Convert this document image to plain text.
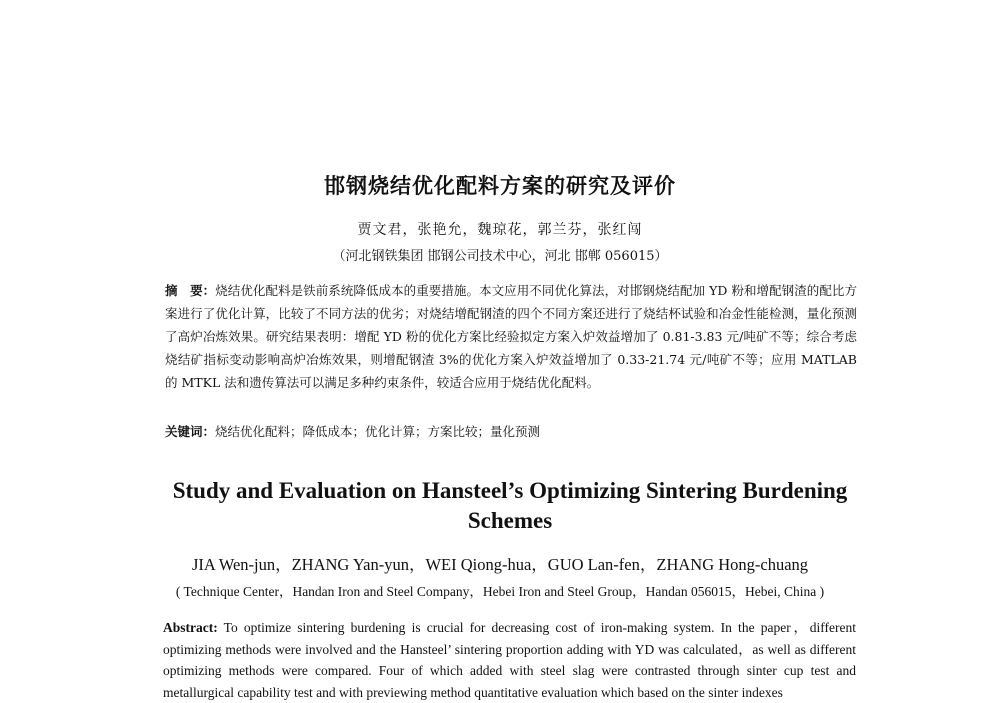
邯钢烧结优化配料方案的研究及评价
贾文君，张艳允，魏琼花，郭兰芬，张红闯
（河北钢铁集团 邯钢公司技术中心，河北 邯郸 056015）
摘　要：烧结优化配料是铁前系统降低成本的重要措施。本文应用不同优化算法，对邯钢烧结配加 YD 粉和增配钢渣的配比方案进行了优化计算，比较了不同方法的优劣；对烧结增配钢渣的四个不同方案还进行了烧结杯试验和冶金性能检测，量化预测了高炉冶炼效果。研究结果表明：增配 YD 粉的优化方案比经验拟定方案入炉效益增加了 0.81-3.83 元/吨矿不等；综合考虑烧结矿指标变动影响高炉冶炼效果，则增配钢渣 3%的优化方案入炉效益增加了 0.33-21.74 元/吨矿不等；应用 MATLAB 的 MTKL 法和遗传算法可以满足多种约束条件，较适合应用于烧结优化配料。
关键词：烧结优化配料；降低成本；优化计算；方案比较；量化预测
Study and Evaluation on Hansteel’s Optimizing Sintering Burdening Schemes
JIA Wen-jun，ZHANG Yan-yun，WEI Qiong-hua，GUO Lan-fen，ZHANG Hong-chuang
( Technique Center，Handan Iron and Steel Company，Hebei Iron and Steel Group，Handan 056015，Hebei, China )
Abstract: To optimize sintering burdening is crucial for decreasing cost of iron-making system. In the paper，different optimizing methods were involved and the Hansteel’ sintering proportion adding with YD was calculated，as well as different optimizing methods were compared. Four of which added with steel slag were contrasted through sinter cup test and metallurgical capability test and with previewing method quantitative evaluation which based on the sinter indexes
